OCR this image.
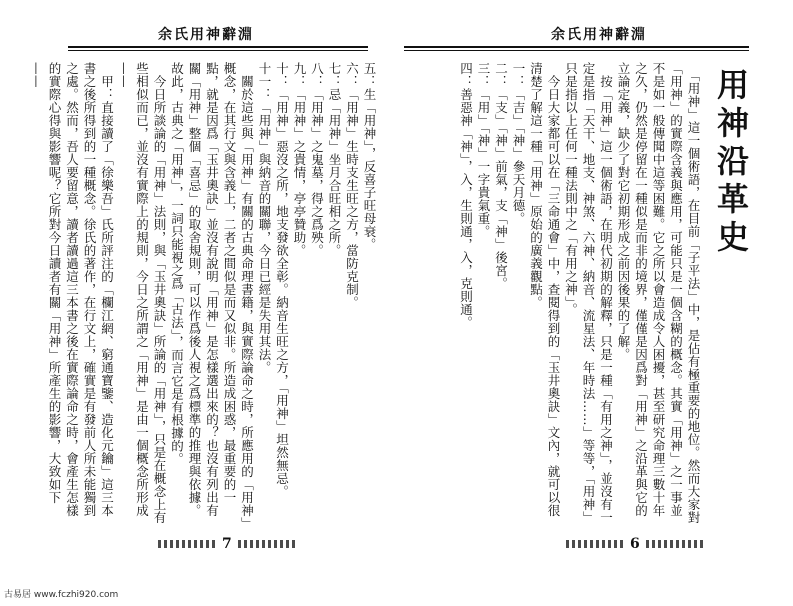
余氏用神辭淵
五：生「用神」，反喜子旺母衰。
六：「用神」生時支生旺之方，當防克制。
七：忌「用神」坐月合旺相之所。
八：「用神」之鬼墓，得之爲殃。
九：「用神」之貴情，亭亭贊助。
十：「用神」惡沒之所，地支發欲全彰。納音生旺之方，「用神」坦然無忌。
十一：「用神」與納音的關聯，今日已經是失用其法。
　關於這些與「用神」有關的古典命理書籍，與實際論命之時，所應用的「用神」概念，在其行文與含義上，二者之間似是而又似非。所造成困惑，最重要的一點，就是因爲「玉井奧訣」並沒有說明「用神」是怎樣選出來的？也沒有列出有關「用神」整個「喜忌」的取舍規則，可以作爲後人視之爲標準的推理與依據。故此，古典之「用神」，一詞只能視之爲「古法」，而言它是有根據的。
　今日所談論的「用神」法則，與「玉井奧訣」所論的「用神」，只是在概念上有些相似而已，並沒有實際上的規則，今日之所謂之「用神」是由一個概念所形成——
　甲：直接讀了「徐樂吾」氏所評注的「欄江網、窮通寶鑒、造化元鑰」這三本書之後所得到的一種概念。徐氏的著作，在行文上，確實是有發前人所未能獨到之處。然而，吾人要留意，讀者讀過這三本書之後在實際論命之時，會產生怎樣的實際心得與影響呢？它所對今日讀者有關「用神」所產生的影響，大致如下——
7
余氏用神辭淵
用神沿革史
　「用神」這一個術語，在目前「子平法」中，是佔有極重要的地位。然而大家對「用神」的實際含義與應用，可能只是一個含糊的概念。其實「用神」之一事並不是如一般傳聞中這等困難。它之所以會造成令人困擾，甚至研究命理三數十年之久，仍然是停留在一種似是而非的境界，僅僅是因爲對「用神」之沿革與它的立論定義，缺少了對它初期形成之前因後果的了解。
　按「用神」這一個術語，在明代初期的解釋，只是一種「有用之神」，並沒有一定是指「天干、地支、神煞、六神、納音、流星法、年時法……」等等，「用神」只是指以上任何一種法則中之「有用之神」。
　今日大家都可以在「三命通會」中，查閱得到的「玉井奧訣」文內，就可以很清楚了解這一種「用神」原始的廣義觀點。
一：「吉」「神」參天月德。
二：「支」「神」前氣，支「神」後宮。
三：「用」「神」一字貴氣重。
四：善惡神「神」，入，生則通，入，克則通。
6
古易居 www.fczhi920.com
